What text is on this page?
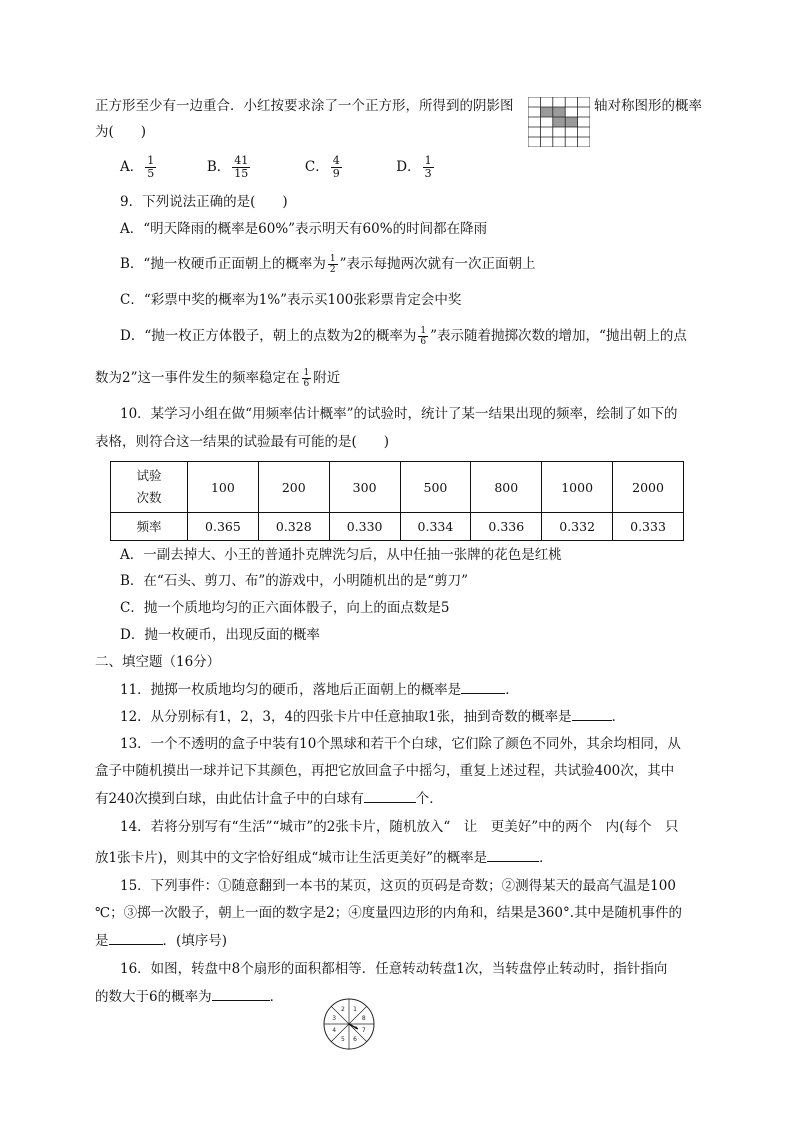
正方形至少有一边重合．小红按要求涂了一个正方形，所得到的阴影图	轴对称图形的概率
为(　　)
A． $\frac{1}{5}$	B． $\frac{41}{15}$	C． $\frac{4}{9}$	D． $\frac{1}{3}$
9．下列说法正确的是(　　)
A．“明天降雨的概率是60%”表示明天有60%的时间都在降雨
B．“抛一枚硬币正面朝上的概率为 $\frac{1}{2}$ ”表示每抛两次就有一次正面朝上
C．“彩票中奖的概率为1%”表示买100张彩票肯定会中奖
D．“抛一枚正方体骰子，朝上的点数为2的概率为 $\frac{1}{6}$ ”表示随着抛掷次数的增加，“抛出朝上的点
数为2”这一事件发生的频率稳定在 $\frac{1}{6}$ 附近
10．某学习小组在做“用频率估计概率”的试验时，统计了某一结果出现的频率，绘制了如下的
表格，则符合这一结果的试验最有可能的是(　　)
试验
次数	100	200	300	500	800	1000	2000
频率	0.365	0.328	0.330	0.334	0.336	0.332	0.333
A．一副去掉大、小王的普通扑克牌洗匀后，从中任抽一张牌的花色是红桃
B．在“石头、剪刀、布”的游戏中，小明随机出的是“剪刀”
C．抛一个质地均匀的正六面体骰子，向上的面点数是5
D．抛一枚硬币，出现反面的概率
二、填空题（16分）
11．抛掷一枚质地均匀的硬币，落地后正面朝上的概率是	．
12．从分别标有1，2，3，4的四张卡片中任意抽取1张，抽到奇数的概率是	．
13．一个不透明的盒子中装有10个黑球和若干个白球，它们除了颜色不同外，其余均相同，从
盒子中随机摸出一球并记下其颜色，再把它放回盒子中摇匀，重复上述过程，共试验400次，其中
有240次摸到白球，由此估计盒子中的白球有	个．
14．若将分别写有“生活”“城市”的2张卡片，随机放入“　让　更美好”中的两个　内(每个　只
放1张卡片)，则其中的文字恰好组成“城市让生活更美好”的概率是	．
15．下列事件：①随意翻到一本书的某页，这页的页码是奇数；②测得某天的最高气温是100
℃；③掷一次骰子，朝上一面的数字是2；④度量四边形的内角和，结果是360°.其中是随机事件的
是	．(填序号)
16．如图，转盘中8个扇形的面积都相等．任意转动转盘1次，当转盘停止转动时，指针指向
的数大于6的概率为	．
1
8
7
6
5
4
3
2
